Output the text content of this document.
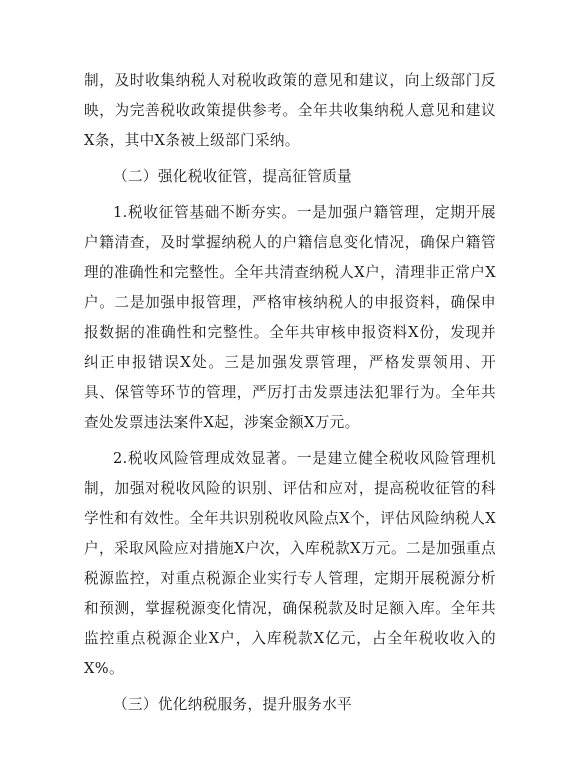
制，及时收集纳税人对税收政策的意见和建议，向上级部门反映，为完善税收政策提供参考。全年共收集纳税人意见和建议X条，其中X条被上级部门采纳。

（二）强化税收征管，提高征管质量

1.税收征管基础不断夯实。一是加强户籍管理，定期开展户籍清查，及时掌握纳税人的户籍信息变化情况，确保户籍管理的准确性和完整性。全年共清查纳税人X户，清理非正常户X户。二是加强申报管理，严格审核纳税人的申报资料，确保申报数据的准确性和完整性。全年共审核申报资料X份，发现并纠正申报错误X处。三是加强发票管理，严格发票领用、开具、保管等环节的管理，严厉打击发票违法犯罪行为。全年共查处发票违法案件X起，涉案金额X万元。

2.税收风险管理成效显著。一是建立健全税收风险管理机制，加强对税收风险的识别、评估和应对，提高税收征管的科学性和有效性。全年共识别税收风险点X个，评估风险纳税人X户，采取风险应对措施X户次，入库税款X万元。二是加强重点税源监控，对重点税源企业实行专人管理，定期开展税源分析和预测，掌握税源变化情况，确保税款及时足额入库。全年共监控重点税源企业X户，入库税款X亿元，占全年税收收入的X%。

（三）优化纳税服务，提升服务水平
